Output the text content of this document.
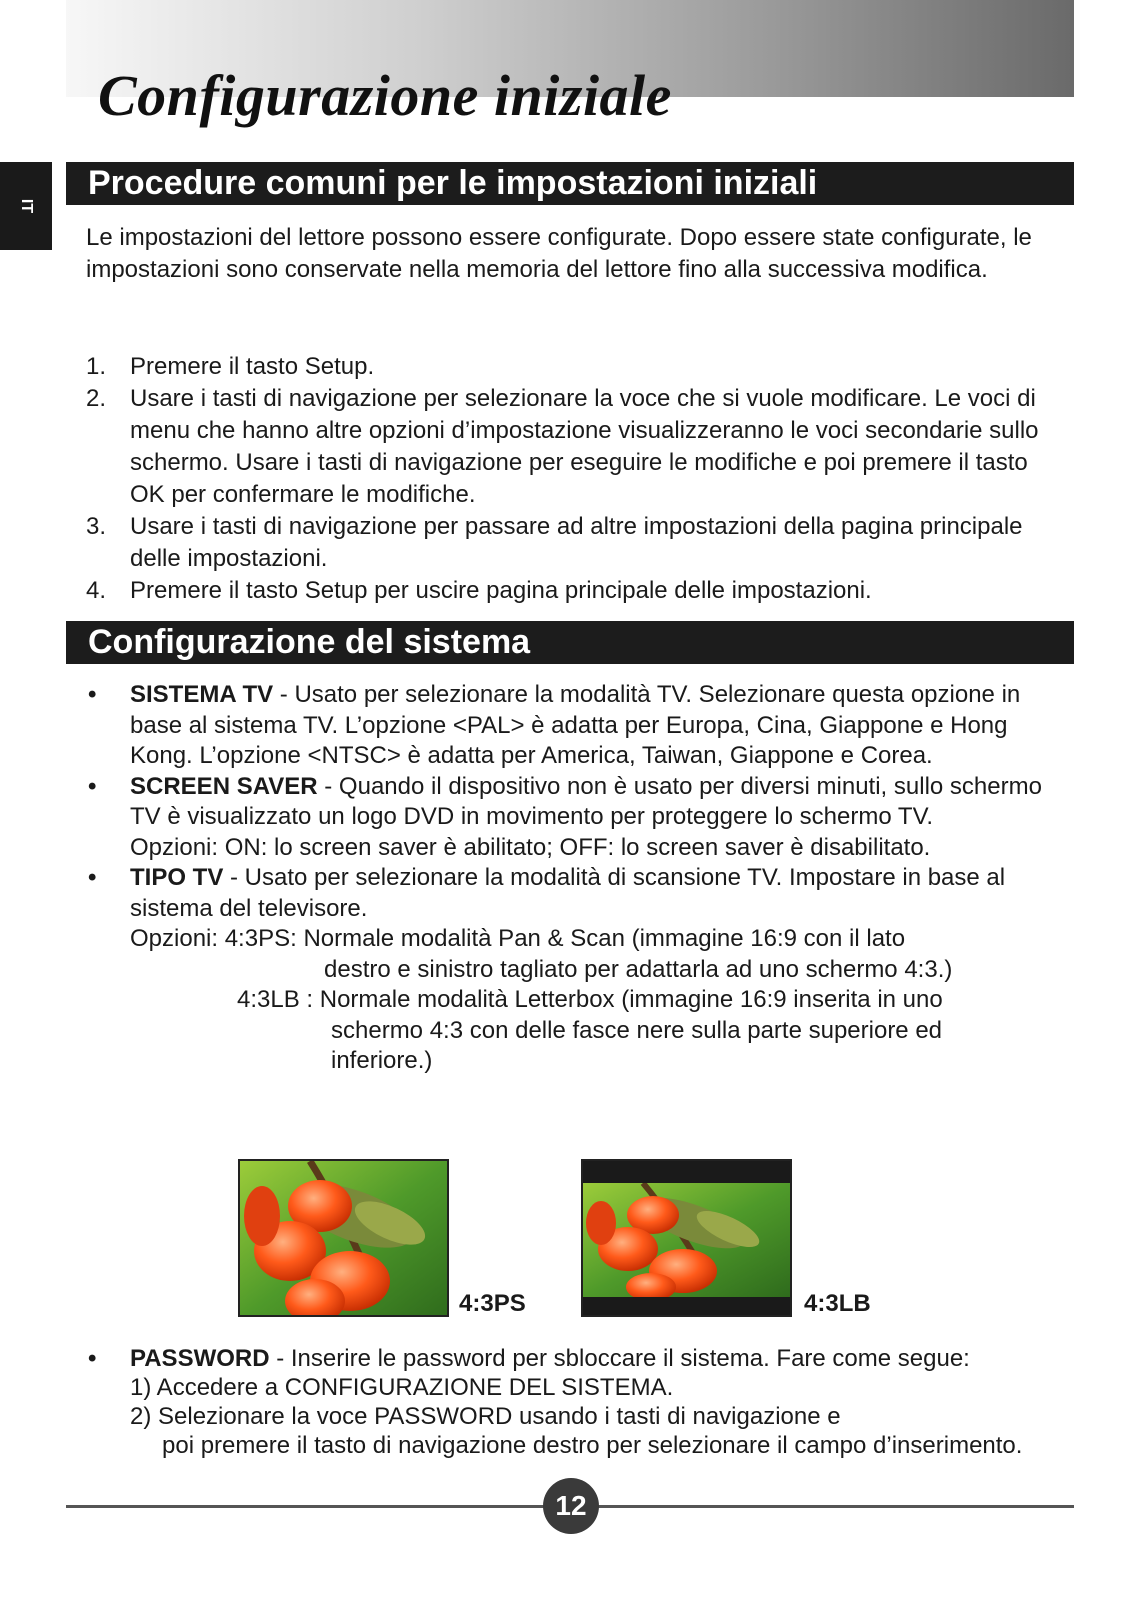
Configurazione iniziale
IT
Procedure comuni per le impostazioni iniziali

Le impostazioni del lettore possono essere configurate. Dopo essere state configurate, le impostazioni sono conservate nella memoria del lettore fino alla successiva modifica.

1. Premere il tasto Setup.
2. Usare i tasti di navigazione per selezionare la voce che si vuole modificare. Le voci di menu che hanno altre opzioni d’impostazione visualizzeranno le voci secondarie sullo schermo. Usare i tasti di navigazione per eseguire le modifiche e poi premere il tasto OK per confermare le modifiche.
3. Usare i tasti di navigazione per passare ad altre impostazioni della pagina principale delle impostazioni.
4. Premere il tasto Setup per uscire pagina principale delle impostazioni.
Configurazione del sistema
• SISTEMA TV - Usato per selezionare la modalità TV. Selezionare questa opzione in base al sistema TV. L’opzione <PAL> è adatta per Europa, Cina, Giappone e Hong Kong. L’opzione <NTSC> è adatta per America, Taiwan, Giappone e Corea.
• SCREEN SAVER - Quando il dispositivo non è usato per diversi minuti, sullo schermo TV è visualizzato un logo DVD in movimento per proteggere lo schermo TV.
Opzioni: ON: lo screen saver è abilitato; OFF: lo screen saver è disabilitato.
• TIPO TV - Usato per selezionare la modalità di scansione TV. Impostare in base al sistema del televisore.
Opzioni: 4:3PS: Normale modalità Pan & Scan (immagine 16:9 con il lato
destro e sinistro tagliato per adattarla ad uno schermo 4:3.)
4:3LB : Normale modalità Letterbox (immagine 16:9 inserita in uno
schermo 4:3 con delle fasce nere sulla parte superiore ed
inferiore.)
4:3PS	4:3LB
• PASSWORD - Inserire le password per sbloccare il sistema. Fare come segue:
1) Accedere a CONFIGURAZIONE DEL SISTEMA.
2) Selezionare la voce PASSWORD usando i tasti di navigazione e
poi premere il tasto di navigazione destro per selezionare il campo d’inserimento.
12
